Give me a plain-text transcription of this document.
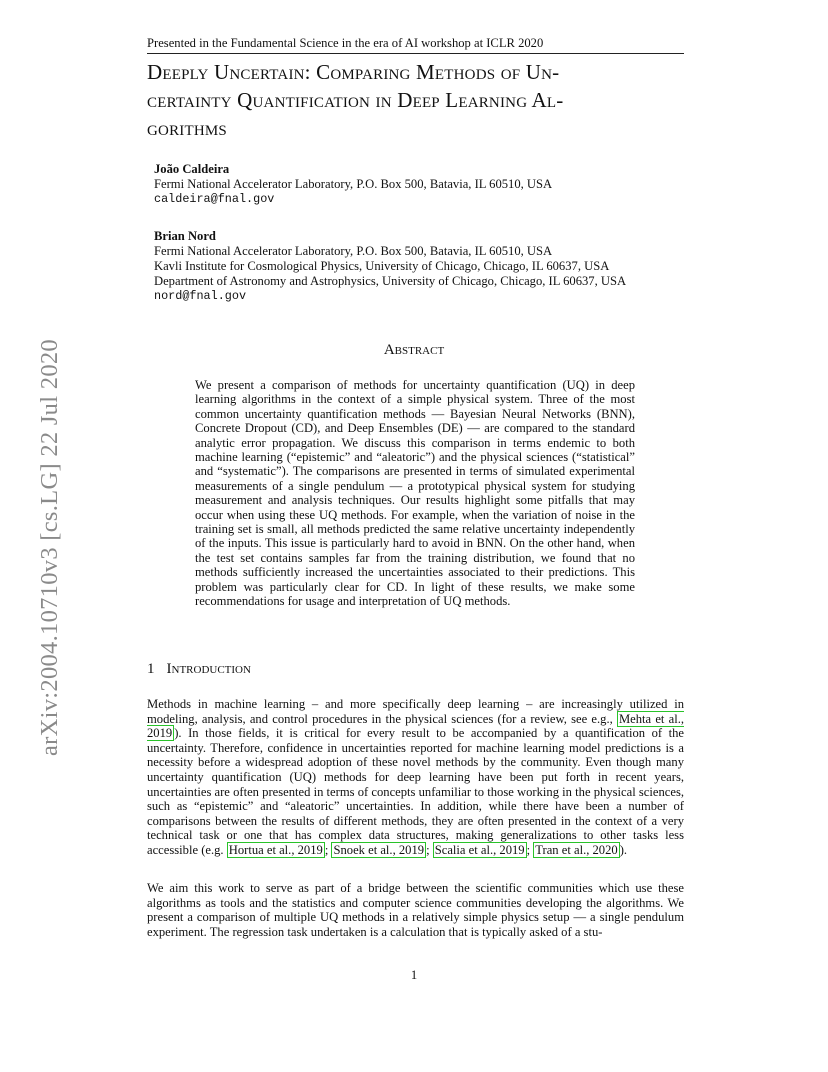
Presented in the Fundamental Science in the era of AI workshop at ICLR 2020
Deeply Uncertain: Comparing Methods of Un-
certainty Quantification in Deep Learning Al-
gorithms
João Caldeira
Fermi National Accelerator Laboratory, P.O. Box 500, Batavia, IL 60510, USA
caldeira@fnal.gov
Brian Nord
Fermi National Accelerator Laboratory, P.O. Box 500, Batavia, IL 60510, USA
Kavli Institute for Cosmological Physics, University of Chicago, Chicago, IL 60637, USA
Department of Astronomy and Astrophysics, University of Chicago, Chicago, IL 60637, USA
nord@fnal.gov
Abstract
We present a comparison of methods for uncertainty quantification (UQ) in deep learning algorithms in the context of a simple physical system. Three of the most common uncertainty quantification methods — Bayesian Neural Networks (BNN), Concrete Dropout (CD), and Deep Ensembles (DE) — are compared to the standard analytic error propagation. We discuss this comparison in terms endemic to both machine learning (“epistemic” and “aleatoric”) and the physical sciences (“statistical” and “systematic”). The comparisons are presented in terms of simulated experimental measurements of a single pendulum — a prototypical physical system for studying measurement and analysis techniques. Our results highlight some pitfalls that may occur when using these UQ methods. For example, when the variation of noise in the training set is small, all methods predicted the same relative uncertainty independently of the inputs. This issue is particularly hard to avoid in BNN. On the other hand, when the test set contains samples far from the training distribution, we found that no methods sufficiently increased the uncertainties associated to their predictions. This problem was particularly clear for CD. In light of these results, we make some recommendations for usage and interpretation of UQ methods.
1 Introduction
Methods in machine learning – and more specifically deep learning – are increasingly utilized in modeling, analysis, and control procedures in the physical sciences (for a review, see e.g., Mehta et al., 2019 ). In those fields, it is critical for every result to be accompanied by a quantification of the uncertainty. Therefore, confidence in uncertainties reported for machine learning model predictions is a necessity before a widespread adoption of these novel methods by the community. Even though many uncertainty quantification (UQ) methods for deep learning have been put forth in recent years, uncertainties are often presented in terms of concepts unfamiliar to those working in the physical sciences, such as “epistemic” and “aleatoric” uncertainties. In addition, while there have been a number of comparisons between the results of different methods, they are often presented in the context of a very technical task or one that has complex data structures, making generalizations to other tasks less accessible (e.g. Hortua et al., 2019 ; Snoek et al., 2019 ; Scalia et al., 2019 ; Tran et al., 2020 ).
We aim this work to serve as part of a bridge between the scientific communities which use these algorithms as tools and the statistics and computer science communities developing the algorithms. We present a comparison of multiple UQ methods in a relatively simple physics setup — a single pendulum experiment. The regression task undertaken is a calculation that is typically asked of a stu-
1
arXiv:2004.10710v3 [cs.LG] 22 Jul 2020
